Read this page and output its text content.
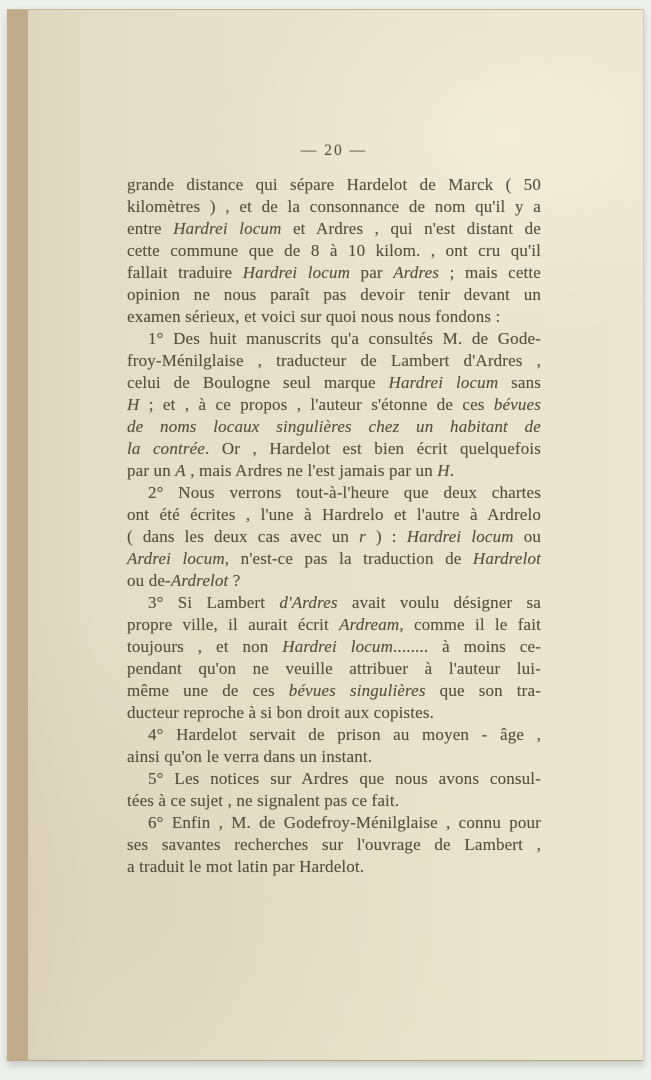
— 20 —
grande distance qui sépare Hardelot de Marck ( 50
kilomètres ) , et de la consonnance de nom qu'il y a
entre Hardrei locum et Ardres , qui n'est distant de
cette commune que de 8 à 10 kilom. , ont cru qu'il
fallait traduire Hardrei locum par Ardres ; mais cette
opinion ne nous paraît pas devoir tenir devant un
examen sérieux, et voici sur quoi nous nous fondons :
1° Des huit manuscrits qu'a consultés M. de Gode-
froy-Ménilglaise , traducteur de Lambert d'Ardres ,
celui de Boulogne seul marque Hardrei locum sans
H ; et , à ce propos , l'auteur s'étonne de ces bévues
de noms locaux singulières chez un habitant de
la contrée. Or , Hardelot est bien écrit quelquefois
par un A , mais Ardres ne l'est jamais par un H.
2° Nous verrons tout-à-l'heure que deux chartes
ont été écrites , l'une à Hardrelo et l'autre à Ardrelo
( dans les deux cas avec un r ) : Hardrei locum ou
Ardrei locum, n'est-ce pas la traduction de Hardrelot
ou de-Ardrelot ?
3° Si Lambert d'Ardres avait voulu désigner sa
propre ville, il aurait écrit Ardream, comme il le fait
toujours , et non Hardrei locum........ à moins ce-
pendant qu'on ne veuille attribuer à l'auteur lui-
même une de ces bévues singulières que son tra-
ducteur reproche à si bon droit aux copistes.
4° Hardelot servait de prison au moyen - âge ,
ainsi qu'on le verra dans un instant.
5° Les notices sur Ardres que nous avons consul-
tées à ce sujet , ne signalent pas ce fait.
6° Enfin , M. de Godefroy-Ménilglaise , connu pour
ses savantes recherches sur l'ouvrage de Lambert ,
a traduit le mot latin par Hardelot.
